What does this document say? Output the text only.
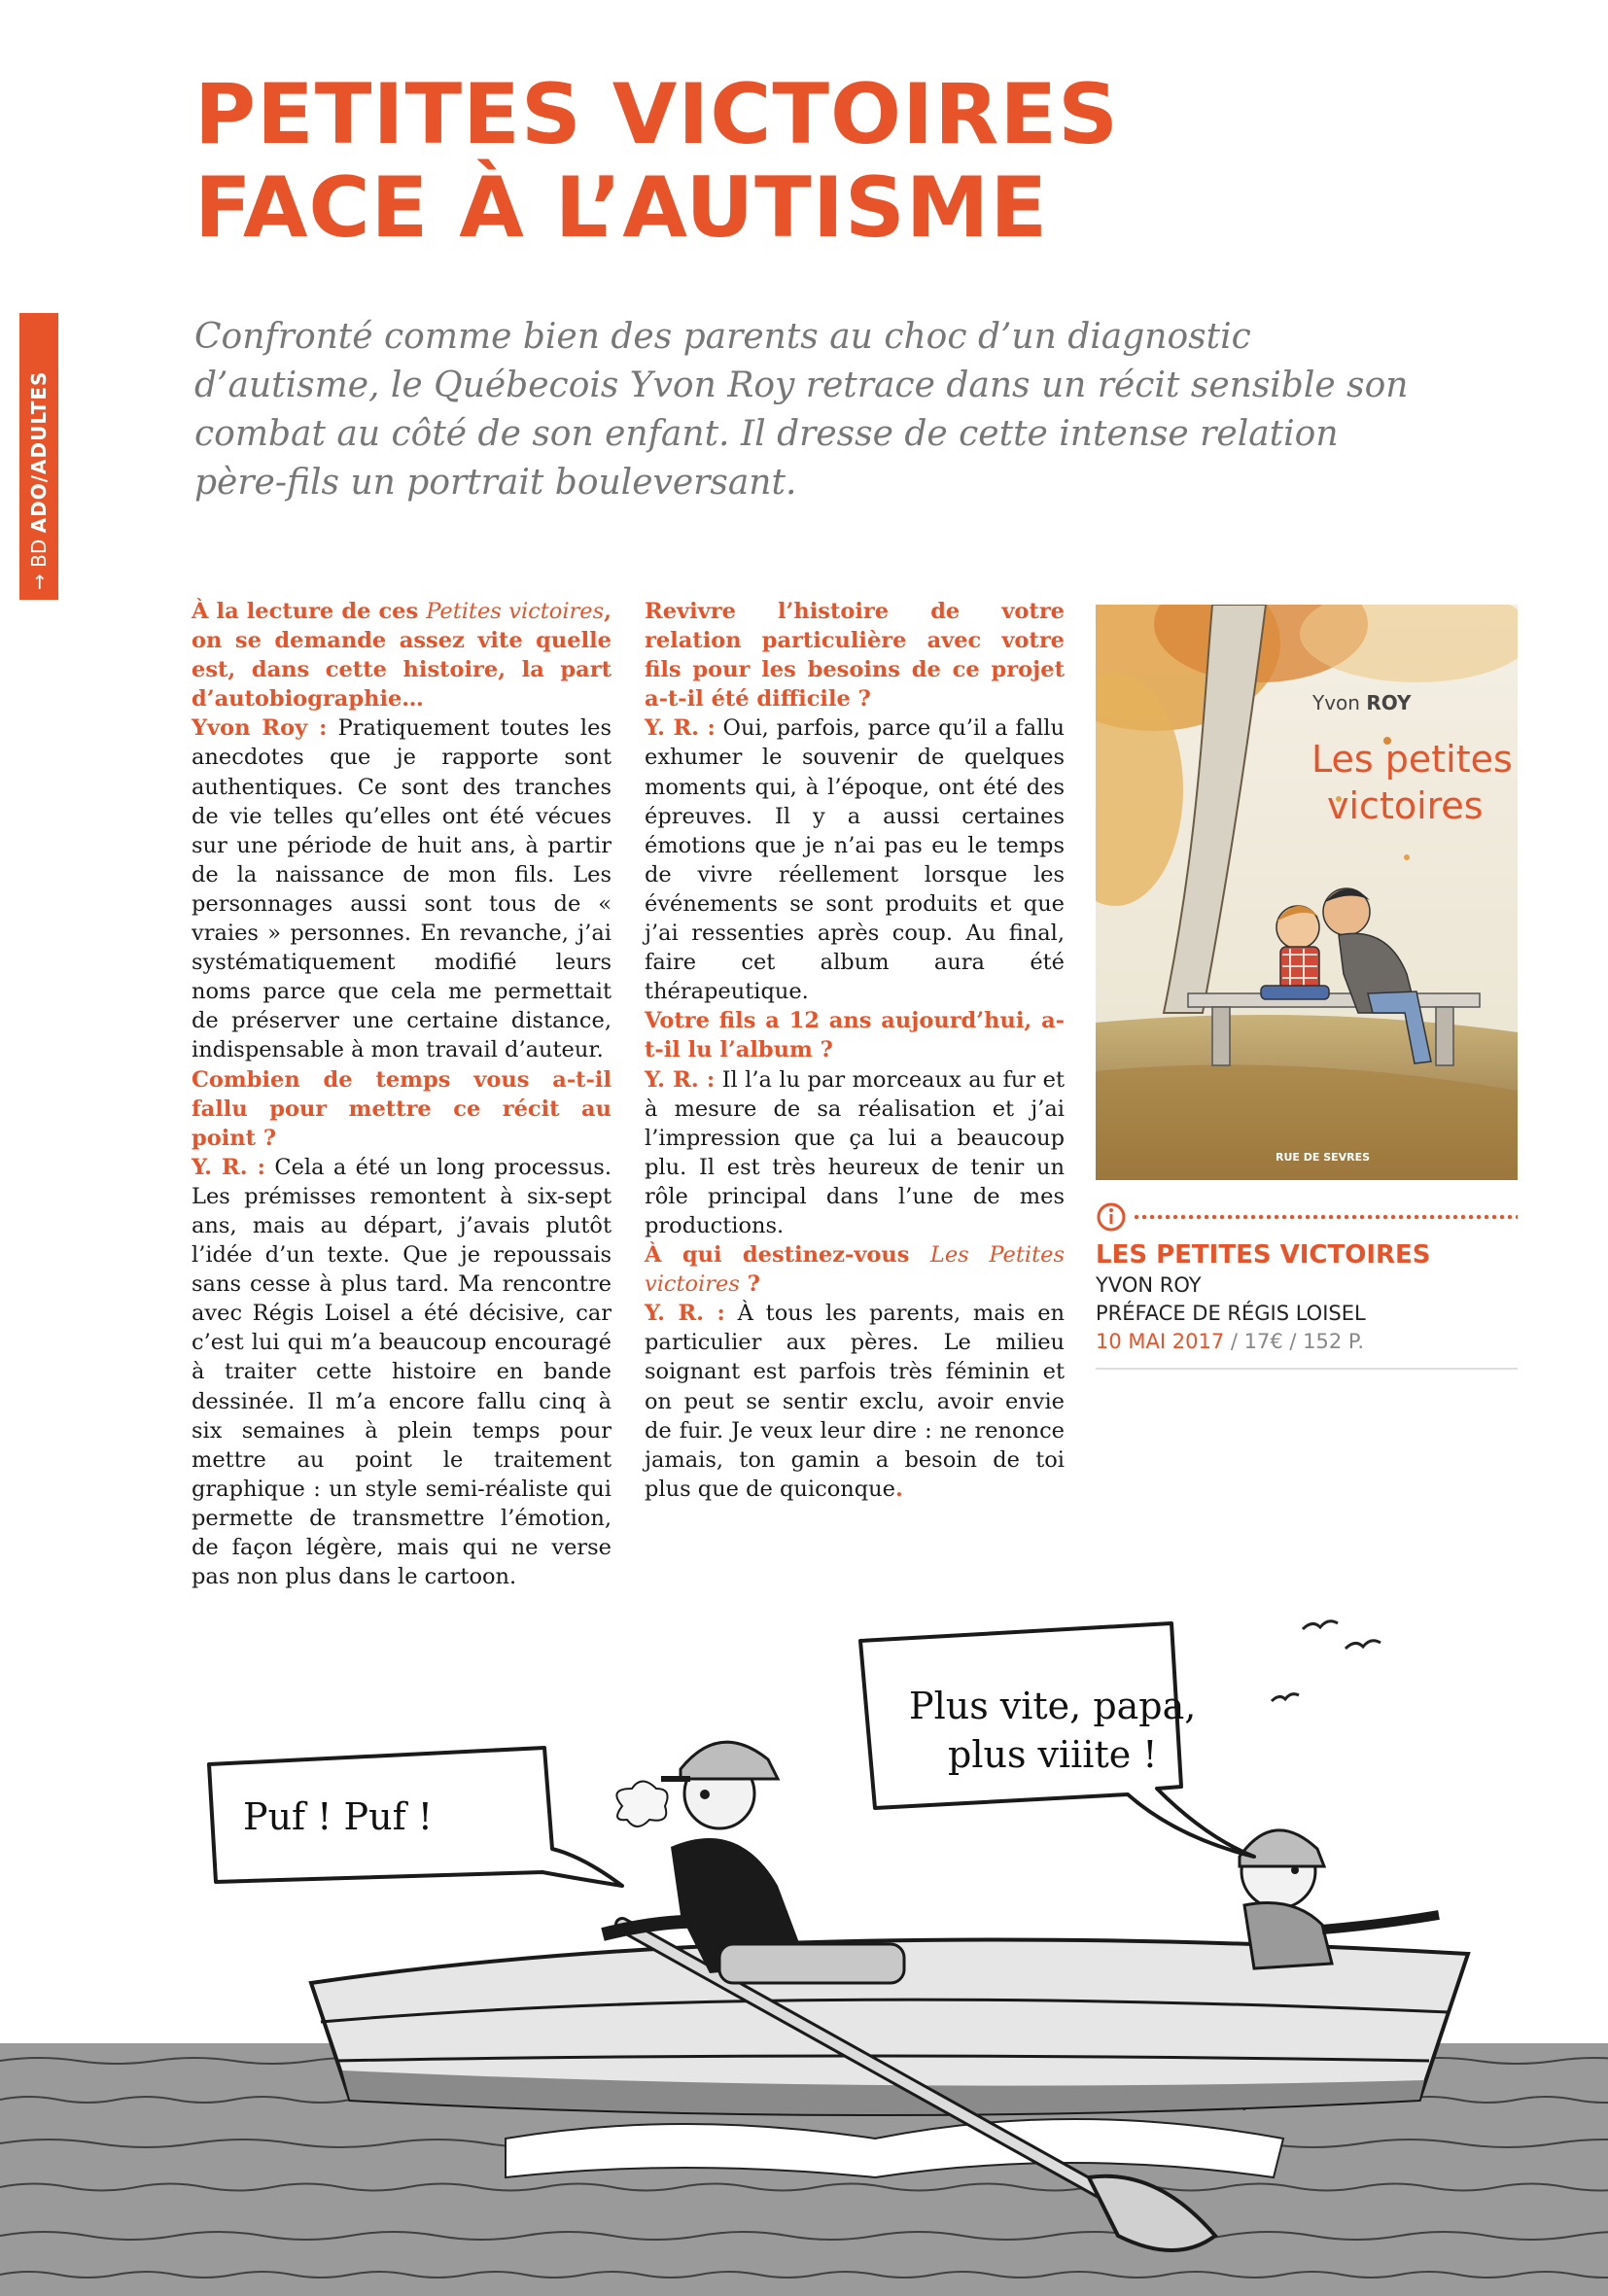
PETITES VICTOIRES
FACE À L’AUTISME
→ BD ADO/ADULTES
Confronté comme bien des parents au choc d’un diagnostic d’autisme, le Québecois Yvon Roy retrace dans un récit sensible son combat au côté de son enfant. Il dresse de cette intense relation père-fils un portrait bouleversant.

À la lecture de ces Petites victoires, on se demande assez vite quelle est, dans cette histoire, la part d’autobiographie…

Yvon Roy : Pratiquement toutes les anecdotes que je rapporte sont authentiques. Ce sont des tranches de vie telles qu’elles ont été vécues sur une période de huit ans, à partir de la naissance de mon fils. Les personnages aussi sont tous de « vraies » personnes. En revanche, j’ai systématiquement modifié leurs noms parce que cela me permettait de préserver une certaine distance, indispensable à mon travail d’auteur.

Combien de temps vous a-t-il fallu pour mettre ce récit au point ?

Y. R. : Cela a été un long processus. Les prémisses remontent à six-sept ans, mais au départ, j’avais plutôt l’idée d’un texte. Que je repoussais sans cesse à plus tard. Ma rencontre avec Régis Loisel a été décisive, car c’est lui qui m’a beaucoup encouragé à traiter cette histoire en bande dessinée. Il m’a encore fallu cinq à six semaines à plein temps pour mettre au point le traitement graphique : un style semi-réaliste qui permette de transmettre l’émotion, de façon légère, mais qui ne verse pas non plus dans le cartoon.

Revivre l’histoire de votre relation particulière avec votre fils pour les besoins de ce projet a-t-il été difficile ?

Y. R. : Oui, parfois, parce qu’il a fallu exhumer le souvenir de quelques moments qui, à l’époque, ont été des épreuves. Il y a aussi certaines émotions que je n’ai pas eu le temps de vivre réellement lorsque les événements se sont produits et que j’ai ressenties après coup. Au final, faire cet album aura été thérapeutique.

Votre fils a 12 ans aujourd’hui, a-t-il lu l’album ?

Y. R. : Il l’a lu par morceaux au fur et à mesure de sa réalisation et j’ai l’impression que ça lui a beaucoup plu. Il est très heureux de tenir un rôle principal dans l’une de mes productions.

À qui destinez-vous Les Petites victoires ?

Y. R. : À tous les parents, mais en particulier aux pères. Le milieu soignant est parfois très féminin et on peut se sentir exclu, avoir envie de fuir. Je veux leur dire : ne renonce jamais, ton gamin a besoin de toi plus que de quiconque.

Yvon ROY
Les petites
victoires
RUE DE SEVRES
LES PETITES VICTOIRES
YVON ROY
PRÉFACE DE RÉGIS LOISEL
10 MAI 2017 / 17€ / 152 P.
Puf ! Puf !
Plus vite, papa,
plus viiite !
